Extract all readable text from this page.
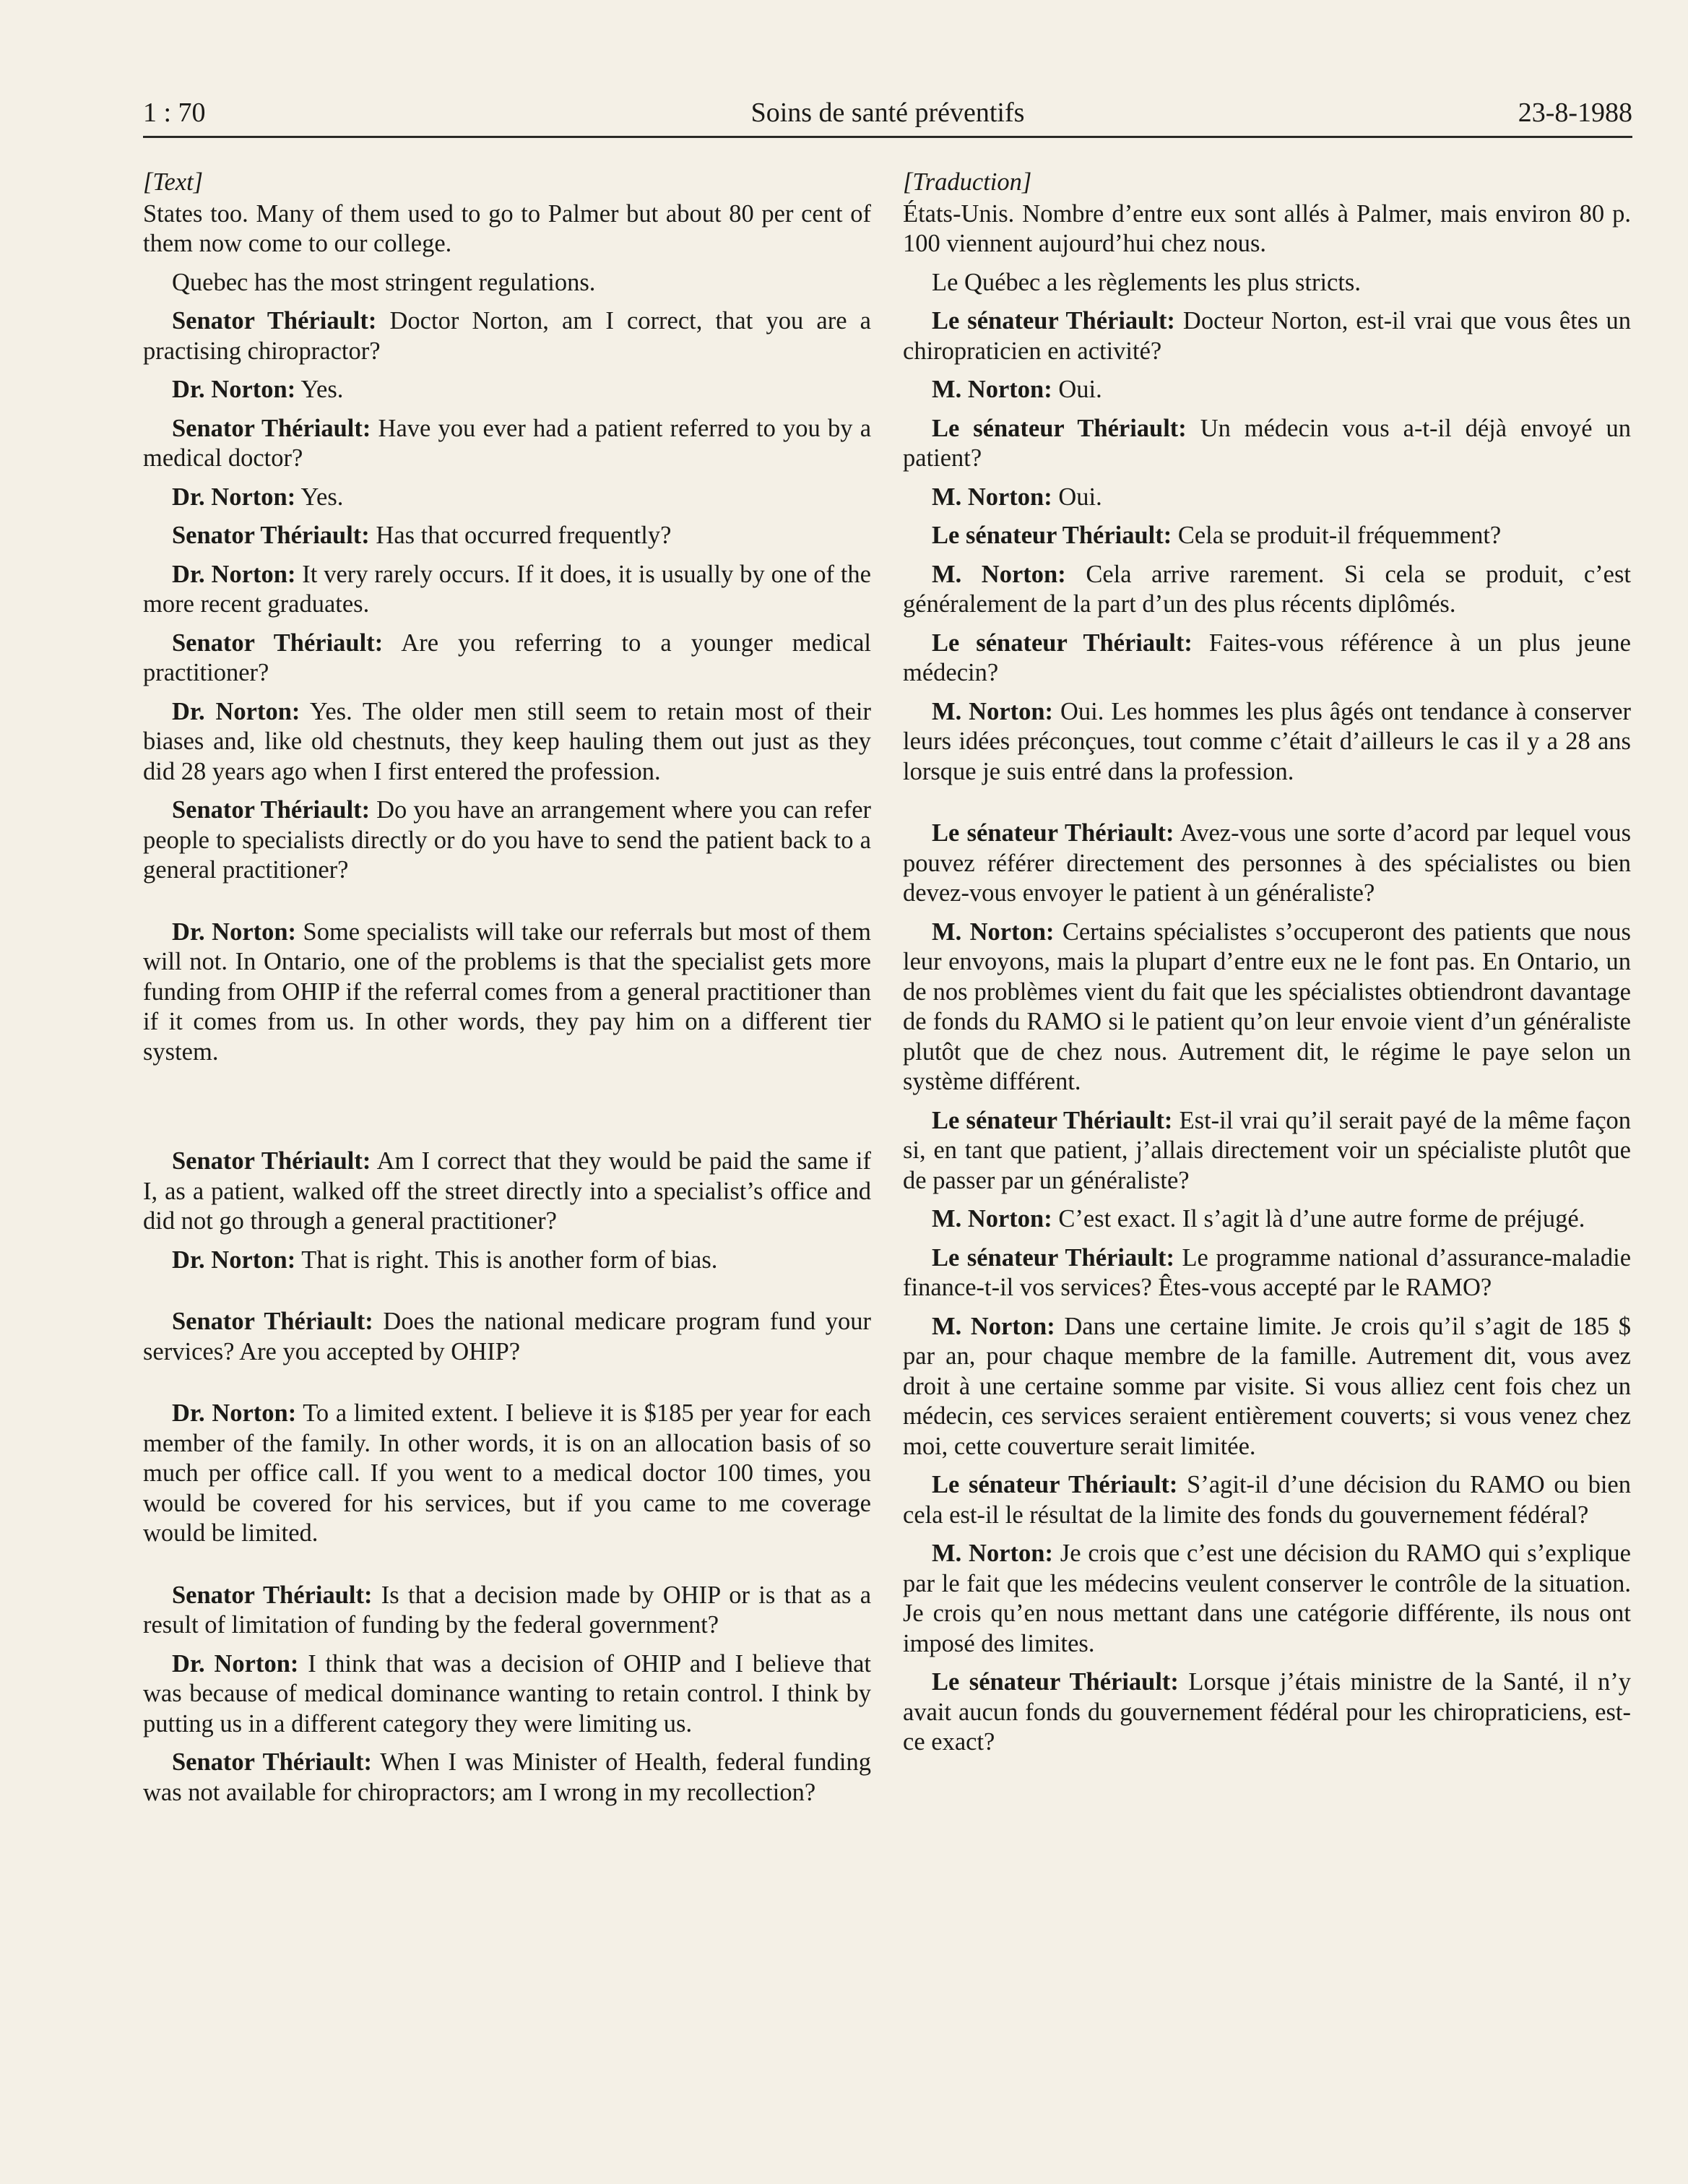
1 : 70	Soins de santé préventifs	23-8-1988
[Text]

States too. Many of them used to go to Palmer but about 80 per cent of them now come to our college.

Quebec has the most stringent regulations.

Senator Thériault: Doctor Norton, am I correct, that you are a practising chiropractor?

Dr. Norton: Yes.

Senator Thériault: Have you ever had a patient referred to you by a medical doctor?

Dr. Norton: Yes.

Senator Thériault: Has that occurred frequently?

Dr. Norton: It very rarely occurs. If it does, it is usually by one of the more recent graduates.

Senator Thériault: Are you referring to a younger medical practitioner?

Dr. Norton: Yes. The older men still seem to retain most of their biases and, like old chestnuts, they keep hauling them out just as they did 28 years ago when I first entered the profession.

Senator Thériault: Do you have an arrangement where you can refer people to specialists directly or do you have to send the patient back to a general practitioner?

Dr. Norton: Some specialists will take our referrals but most of them will not. In Ontario, one of the problems is that the specialist gets more funding from OHIP if the referral comes from a general practitioner than if it comes from us. In other words, they pay him on a different tier system.

Senator Thériault: Am I correct that they would be paid the same if I, as a patient, walked off the street directly into a specialist’s office and did not go through a general practitioner?

Dr. Norton: That is right. This is another form of bias.

Senator Thériault: Does the national medicare program fund your services? Are you accepted by OHIP?

Dr. Norton: To a limited extent. I believe it is $185 per year for each member of the family. In other words, it is on an allocation basis of so much per office call. If you went to a medical doctor 100 times, you would be covered for his services, but if you came to me coverage would be limited.

Senator Thériault: Is that a decision made by OHIP or is that as a result of limitation of funding by the federal government?

Dr. Norton: I think that was a decision of OHIP and I believe that was because of medical dominance wanting to retain control. I think by putting us in a different category they were limiting us.

Senator Thériault: When I was Minister of Health, federal funding was not available for chiropractors; am I wrong in my recollection?

[Traduction]

États-Unis. Nombre d’entre eux sont allés à Palmer, mais environ 80 p. 100 viennent aujourd’hui chez nous.

Le Québec a les règlements les plus stricts.

Le sénateur Thériault: Docteur Norton, est-il vrai que vous êtes un chiropraticien en activité?

M. Norton: Oui.

Le sénateur Thériault: Un médecin vous a-t-il déjà envoyé un patient?

M. Norton: Oui.

Le sénateur Thériault: Cela se produit-il fréquemment?

M. Norton: Cela arrive rarement. Si cela se produit, c’est généralement de la part d’un des plus récents diplômés.

Le sénateur Thériault: Faites-vous référence à un plus jeune médecin?

M. Norton: Oui. Les hommes les plus âgés ont tendance à conserver leurs idées préconçues, tout comme c’était d’ailleurs le cas il y a 28 ans lorsque je suis entré dans la profession.

Le sénateur Thériault: Avez-vous une sorte d’acord par lequel vous pouvez référer directement des personnes à des spécialistes ou bien devez-vous envoyer le patient à un généraliste?

M. Norton: Certains spécialistes s’occuperont des patients que nous leur envoyons, mais la plupart d’entre eux ne le font pas. En Ontario, un de nos problèmes vient du fait que les spécialistes obtiendront davantage de fonds du RAMO si le patient qu’on leur envoie vient d’un généraliste plutôt que de chez nous. Autrement dit, le régime le paye selon un système différent.

Le sénateur Thériault: Est-il vrai qu’il serait payé de la même façon si, en tant que patient, j’allais directement voir un spécialiste plutôt que de passer par un généraliste?

M. Norton: C’est exact. Il s’agit là d’une autre forme de préjugé.

Le sénateur Thériault: Le programme national d’assurance-maladie finance-t-il vos services? Êtes-vous accepté par le RAMO?

M. Norton: Dans une certaine limite. Je crois qu’il s’agit de 185 $ par an, pour chaque membre de la famille. Autrement dit, vous avez droit à une certaine somme par visite. Si vous alliez cent fois chez un médecin, ces services seraient entièrement couverts; si vous venez chez moi, cette couverture serait limitée.

Le sénateur Thériault: S’agit-il d’une décision du RAMO ou bien cela est-il le résultat de la limite des fonds du gouvernement fédéral?

M. Norton: Je crois que c’est une décision du RAMO qui s’explique par le fait que les médecins veulent conserver le contrôle de la situation. Je crois qu’en nous mettant dans une catégorie différente, ils nous ont imposé des limites.

Le sénateur Thériault: Lorsque j’étais ministre de la Santé, il n’y avait aucun fonds du gouvernement fédéral pour les chiropraticiens, est-ce exact?
